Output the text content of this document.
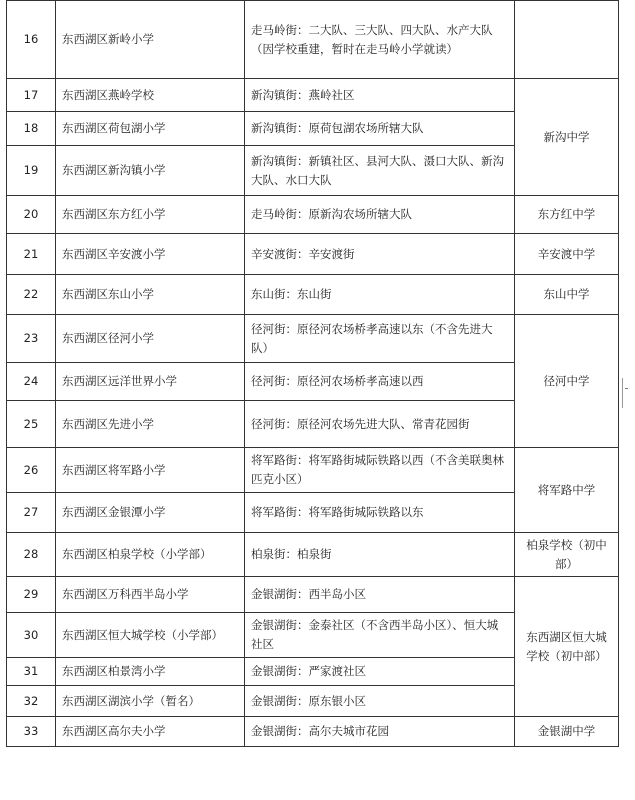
16	东西湖区新岭小学	走马岭街：二大队、三大队、四大队、水产大队（因学校重建，暂时在走马岭小学就读）	
17	东西湖区燕岭学校	新沟镇街：燕岭社区	新沟中学
18	东西湖区荷包湖小学	新沟镇街：原荷包湖农场所辖大队	
19	东西湖区新沟镇小学	新沟镇街：新镇社区、县河大队、滠口大队、新沟大队、水口大队	
20	东西湖区东方红小学	走马岭街：原新沟农场所辖大队	东方红中学
21	东西湖区辛安渡小学	辛安渡街：辛安渡街	辛安渡中学
22	东西湖区东山小学	东山街：东山街	东山中学
23	东西湖区径河小学	径河街：原径河农场桥孝高速以东（不含先进大队）	径河中学
24	东西湖区远洋世界小学	径河街：原径河农场桥孝高速以西	
25	东西湖区先进小学	径河街：原径河农场先进大队、常青花园街	
26	东西湖区将军路小学	将军路街：将军路街城际铁路以西（不含美联奥林匹克小区）	将军路中学
27	东西湖区金银潭小学	将军路街：将军路街城际铁路以东	
28	东西湖区柏泉学校（小学部）	柏泉街：柏泉街	柏泉学校（初中部）
29	东西湖区万科西半岛小学	金银湖街：西半岛小区	东西湖区恒大城学校（初中部）
30	东西湖区恒大城学校（小学部）	金银湖街：金泰社区（不含西半岛小区）、恒大城社区	
31	东西湖区柏景湾小学	金银湖街：严家渡社区	
32	东西湖区湖滨小学（暂名）	金银湖街：原东银小区	
33	东西湖区高尔夫小学	金银湖街：高尔夫城市花园	金银湖中学
